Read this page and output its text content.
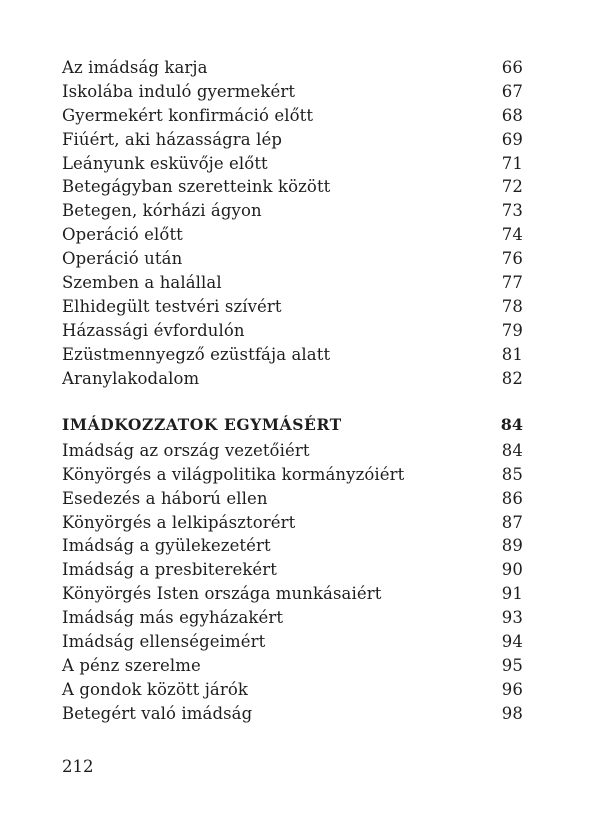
Az imádság karja	66
Iskolába induló gyermekért	67
Gyermekért konfirmáció előtt	68
Fiúért, aki házasságra lép	69
Leányunk esküvője előtt	71
Betegágyban szeretteink között	72
Betegen, kórházi ágyon	73
Operáció előtt	74
Operáció után	76
Szemben a halállal	77
Elhidegült testvéri szívért	78
Házassági évfordulón	79
Ezüstmennyegző ezüstfája alatt	81
Aranylakodalom	82
IMÁDKOZZATOK EGYMÁSÉRT	84
Imádság az ország vezetőiért	84
Könyörgés a világpolitika kormányzóiért	85
Esedezés a háború ellen	86
Könyörgés a lelkipásztorért	87
Imádság a gyülekezetért	89
Imádság a presbiterekért	90
Könyörgés Isten országa munkásaiért	91
Imádság más egyházakért	93
Imádság ellenségeimért	94
A pénz szerelme	95
A gondok között járók	96
Betegért való imádság	98
212
